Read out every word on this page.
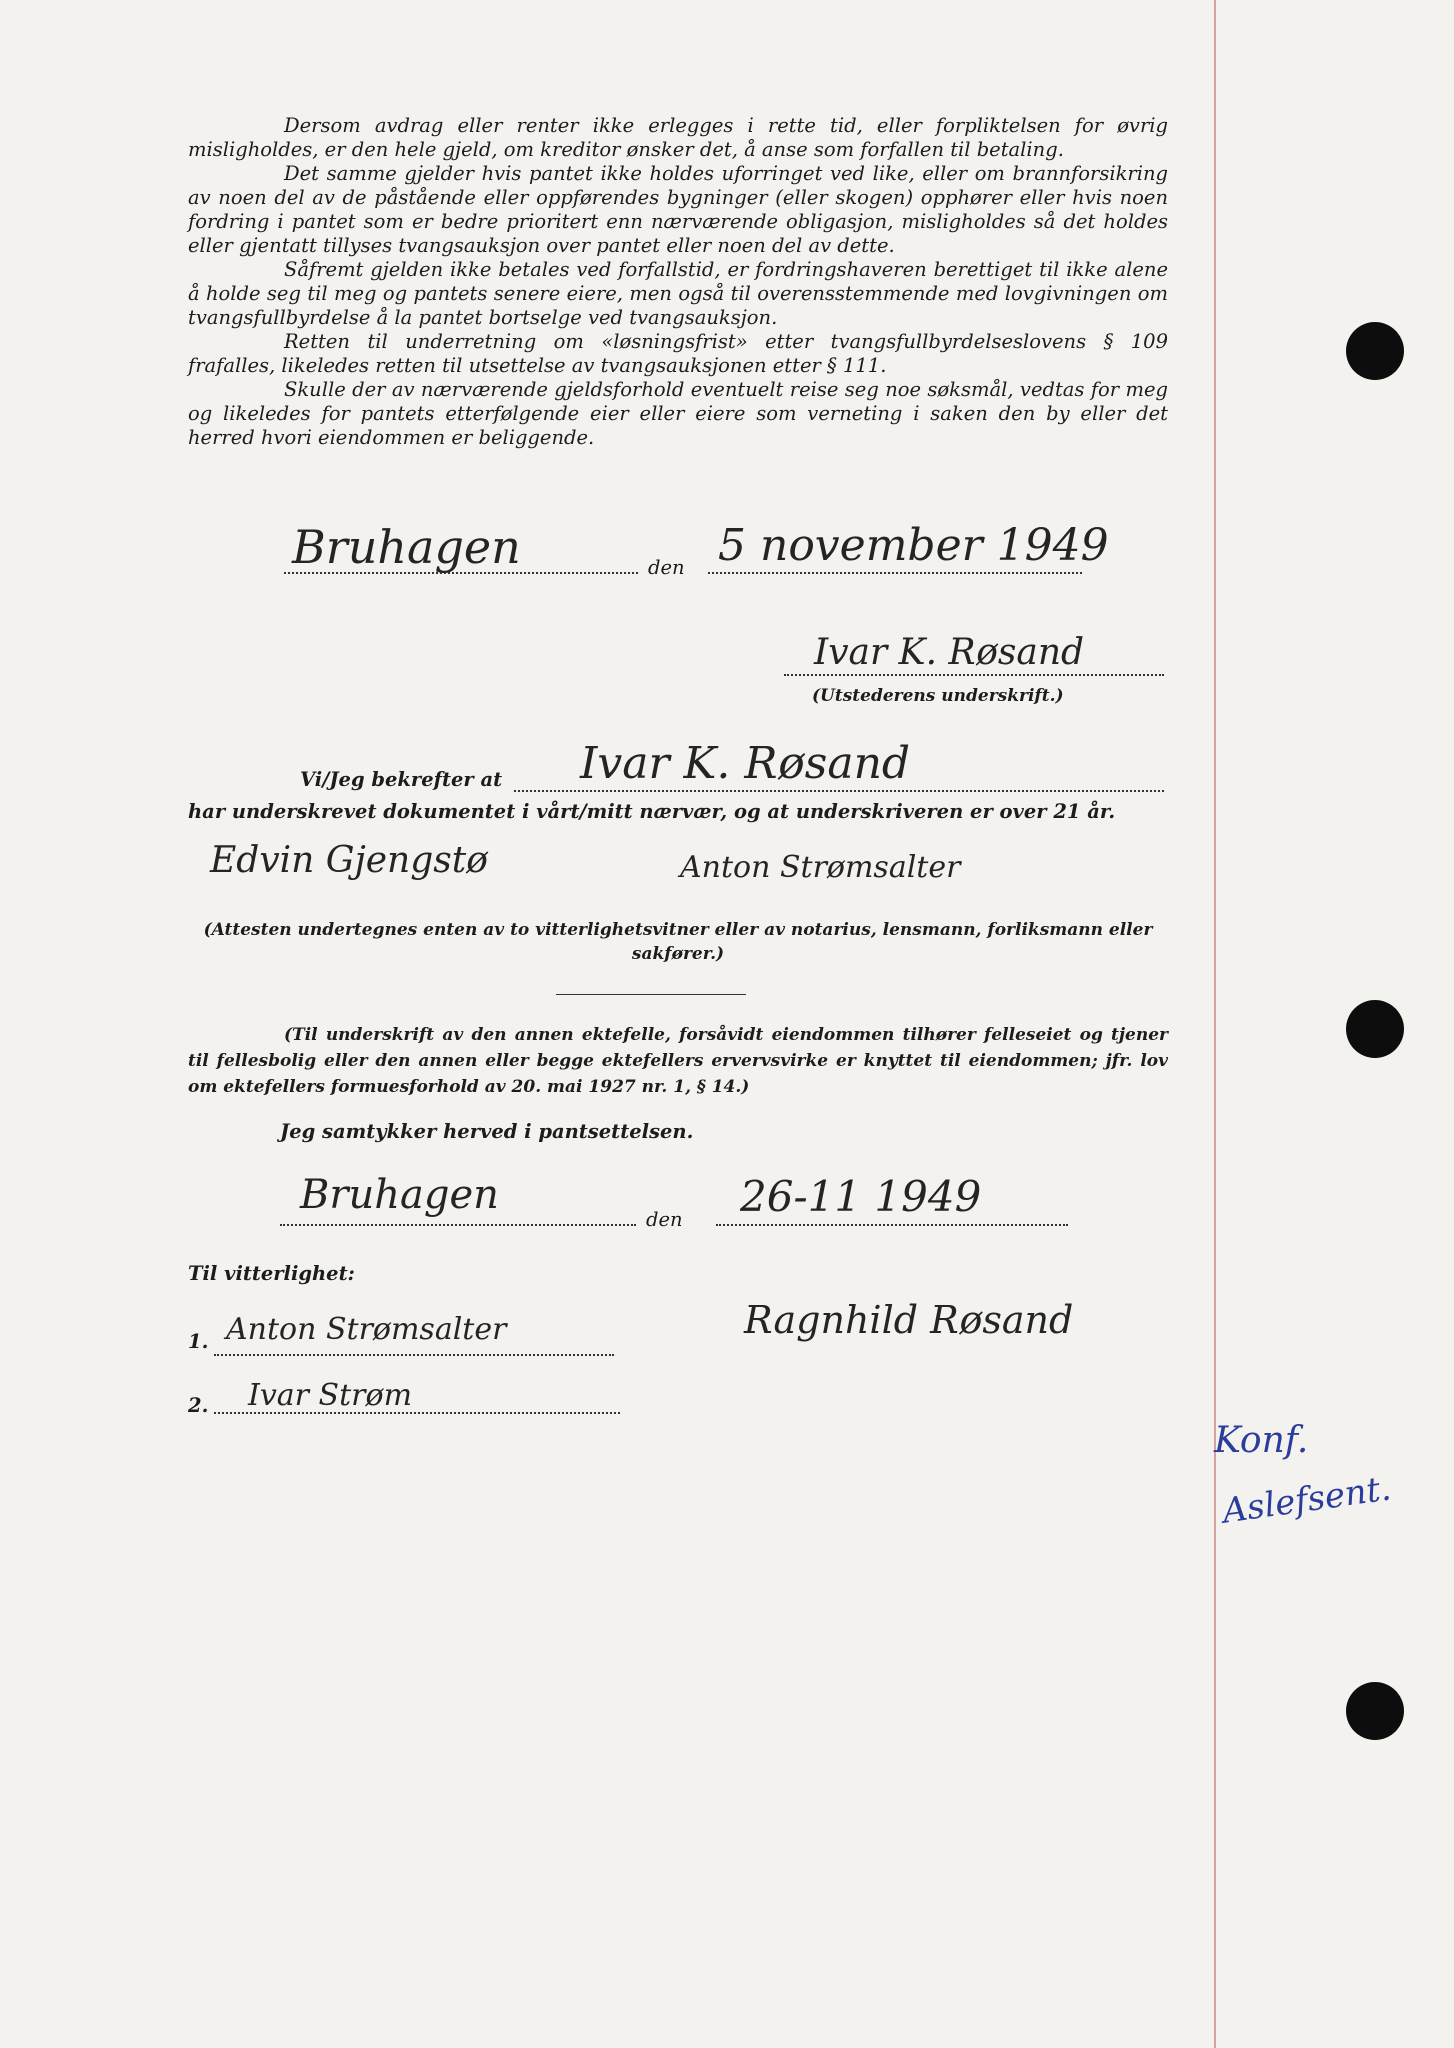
Dersom avdrag eller renter ikke erlegges i rette tid, eller forpliktelsen for øvrig misligholdes, er den hele gjeld, om kreditor ønsker det, å anse som forfallen til betaling.

Det samme gjelder hvis pantet ikke holdes uforringet ved like, eller om brannforsikring av noen del av de påstående eller oppførendes bygninger (eller skogen) opphører eller hvis noen fordring i pantet som er bedre prioritert enn nærværende obligasjon, misligholdes så det holdes eller gjentatt tillyses tvangsauksjon over pantet eller noen del av dette.

Såfremt gjelden ikke betales ved forfallstid, er fordringshaveren berettiget til ikke alene å holde seg til meg og pantets senere eiere, men også til overensstemmende med lovgivningen om tvangsfullbyrdelse å la pantet bortselge ved tvangsauksjon.

Retten til underretning om «løsningsfrist» etter tvangsfullbyrdelseslovens § 109 frafalles, likeledes retten til utsettelse av tvangsauksjonen etter § 111.

Skulle der av nærværende gjeldsforhold eventuelt reise seg noe søksmål, vedtas for meg og likeledes for pantets etterfølgende eier eller eiere som verneting i saken den by eller det herred hvori eiendommen er beliggende.

Bruhagen	den 5 november 1949
Ivar K. Røsand
(Utstederens underskrift.)
Vi/Jeg bekrefter at Ivar K. Røsand
har underskrevet dokumentet i vårt/mitt nærvær, og at underskriveren er over 21 år.
Edvin Gjengstø	Anton Strømsalter
(Attesten undertegnes enten av to vitterlighetsvitner eller av notarius, lensmann, forliksmann eller sakfører.)
(Til underskrift av den annen ektefelle, forsåvidt eiendommen tilhører felleseiet og tjener til fellesbolig eller den annen eller begge ektefellers ervervsvirke er knyttet til eiendommen; jfr. lov om ektefellers formuesforhold av 20. mai 1927 nr. 1, § 14.)
Jeg samtykker herved i pantsettelsen.
Bruhagen
den 26-11 1949
Til vitterlighet:
1. Anton Strømsalter	Ragnhild Røsand
2. Ivar Strøm
Konf.
Aslefsent.
